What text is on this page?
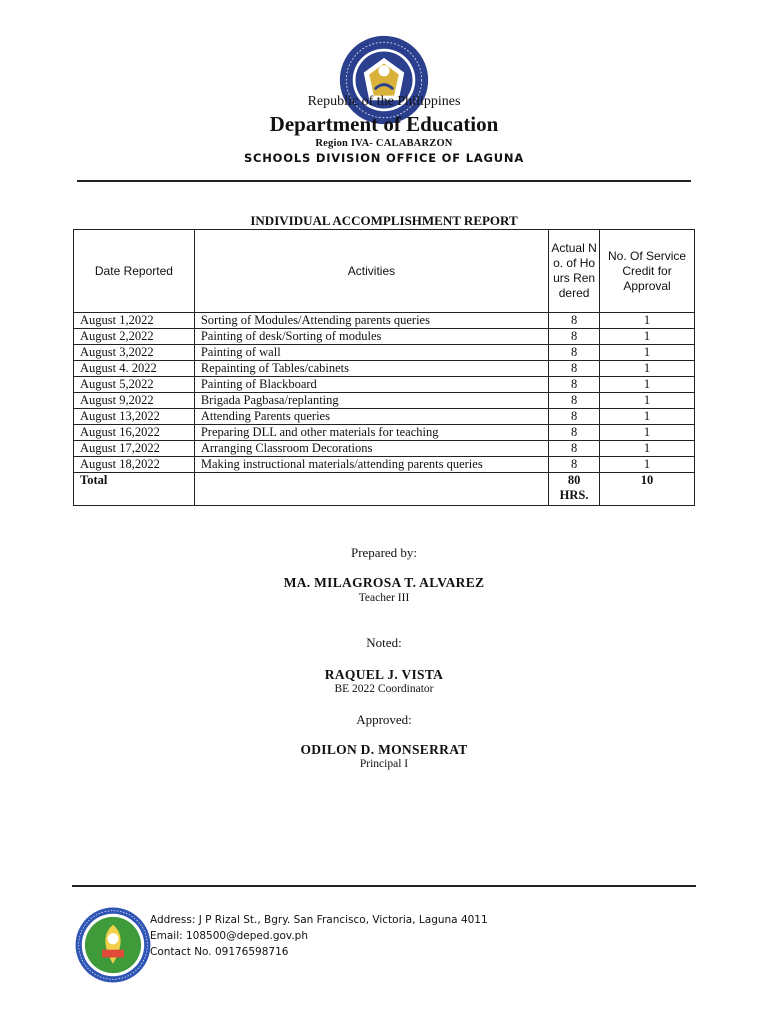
Republic of the Philippines
Department of Education
Region IVA- CALABARZON
SCHOOLS DIVISION OFFICE OF LAGUNA
INDIVIDUAL ACCOMPLISHMENT REPORT
Date Reported	Activities	Actual No. of Hours Rendered	No. Of Service Credit for Approval
August 1,2022	Sorting of Modules/Attending parents queries	8	1
August 2,2022	Painting of desk/Sorting of modules	8	1
August 3,2022	Painting of wall	8	1
August 4. 2022	Repainting of Tables/cabinets	8	1
August 5,2022	Painting of Blackboard	8	1
August 9,2022	Brigada Pagbasa/replanting	8	1
August 13,2022	Attending Parents queries	8	1
August 16,2022	Preparing DLL and other materials for teaching	8	1
August 17,2022	Arranging Classroom Decorations	8	1
August 18,2022	Making instructional materials/attending parents queries	8	1
Total		80 HRS.	10
Prepared by:
MA. MILAGROSA T. ALVAREZ
Teacher III
Noted:
RAQUEL J. VISTA
BE 2022 Coordinator
Approved:
ODILON D. MONSERRAT
Principal I
Address: J P Rizal St., Bgry. San Francisco, Victoria, Laguna 4011
Email: 108500@deped.gov.ph
Contact No. 09176598716
